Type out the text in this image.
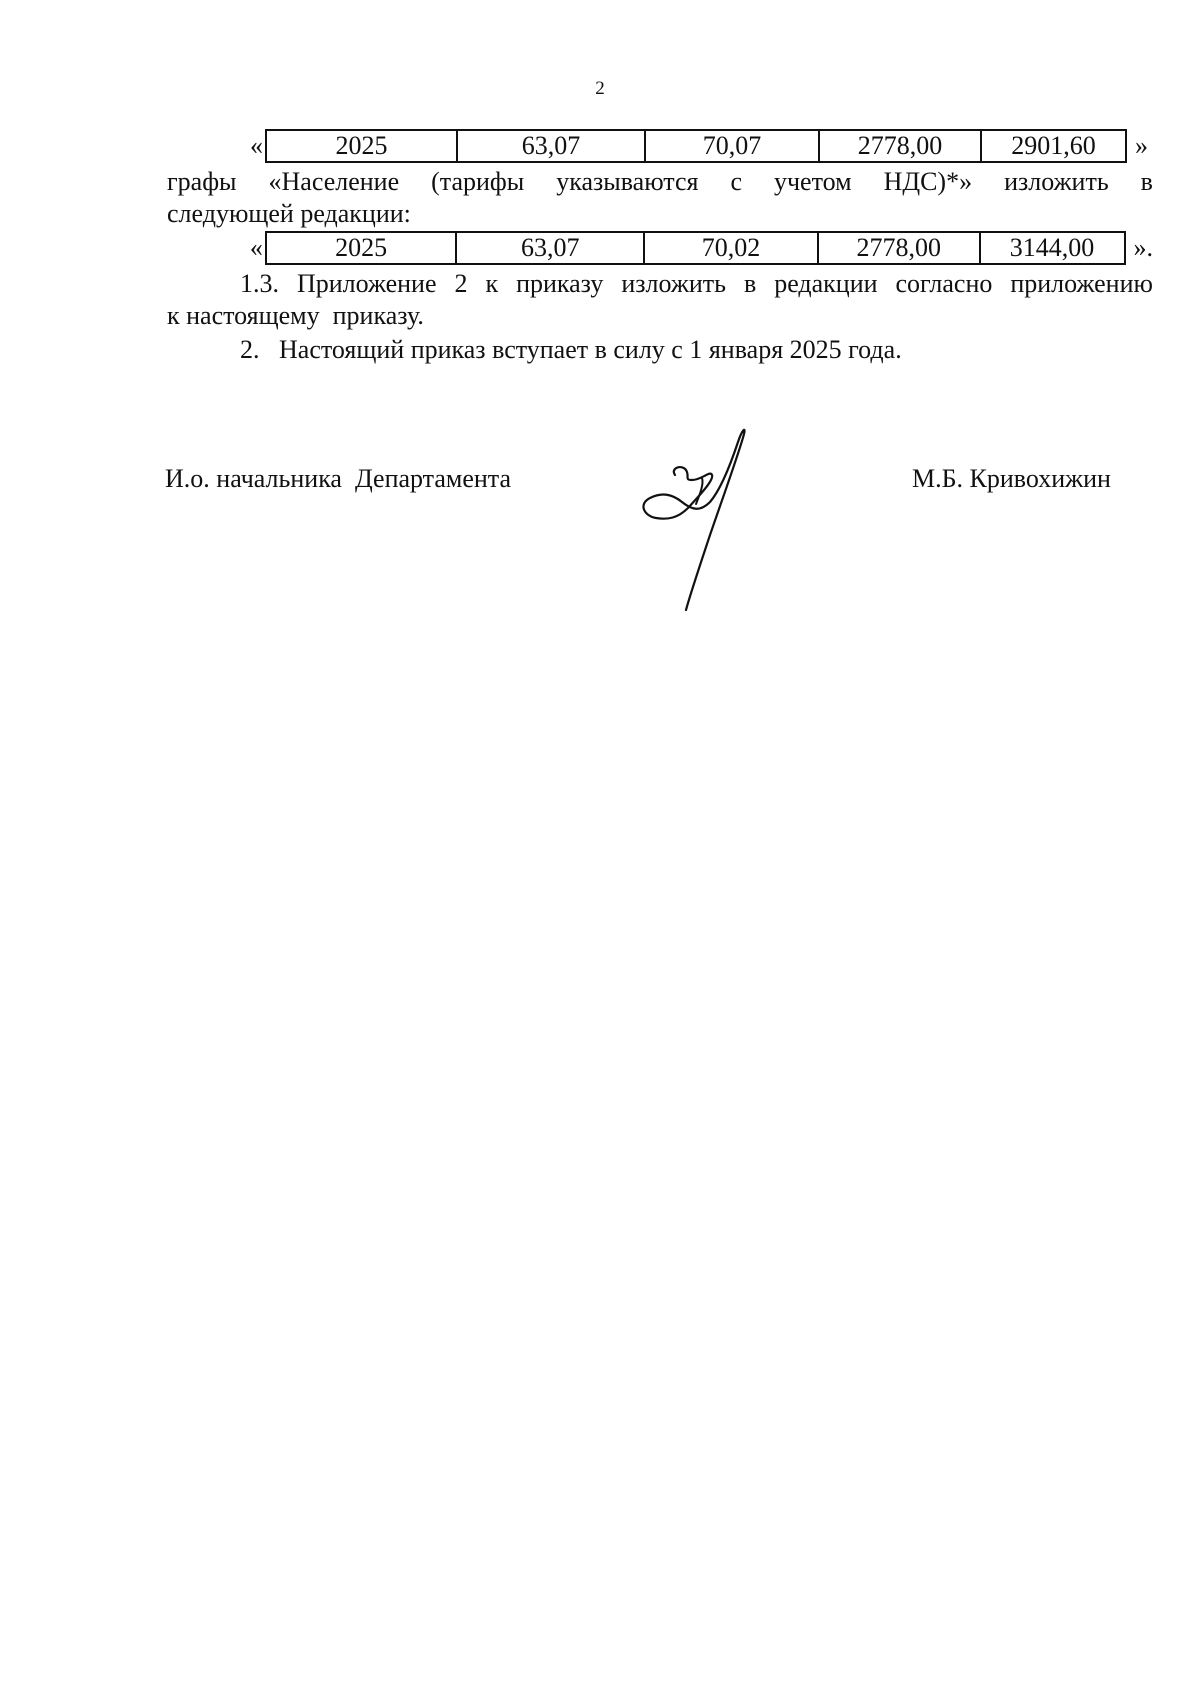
2
«	2025	63,07	70,07	2778,00	2901,60	»
графы «Население (тарифы указываются с учетом НДС)*» изложить в
следующей редакции:
«	2025	63,07	70,02	2778,00	3144,00	».
1.3. Приложение 2 к приказу изложить в редакции согласно приложению
к настоящему  приказу.
2.   Настоящий приказ вступает в силу с 1 января 2025 года.
И.о. начальника  Департамента	М.Б. Кривохижин
